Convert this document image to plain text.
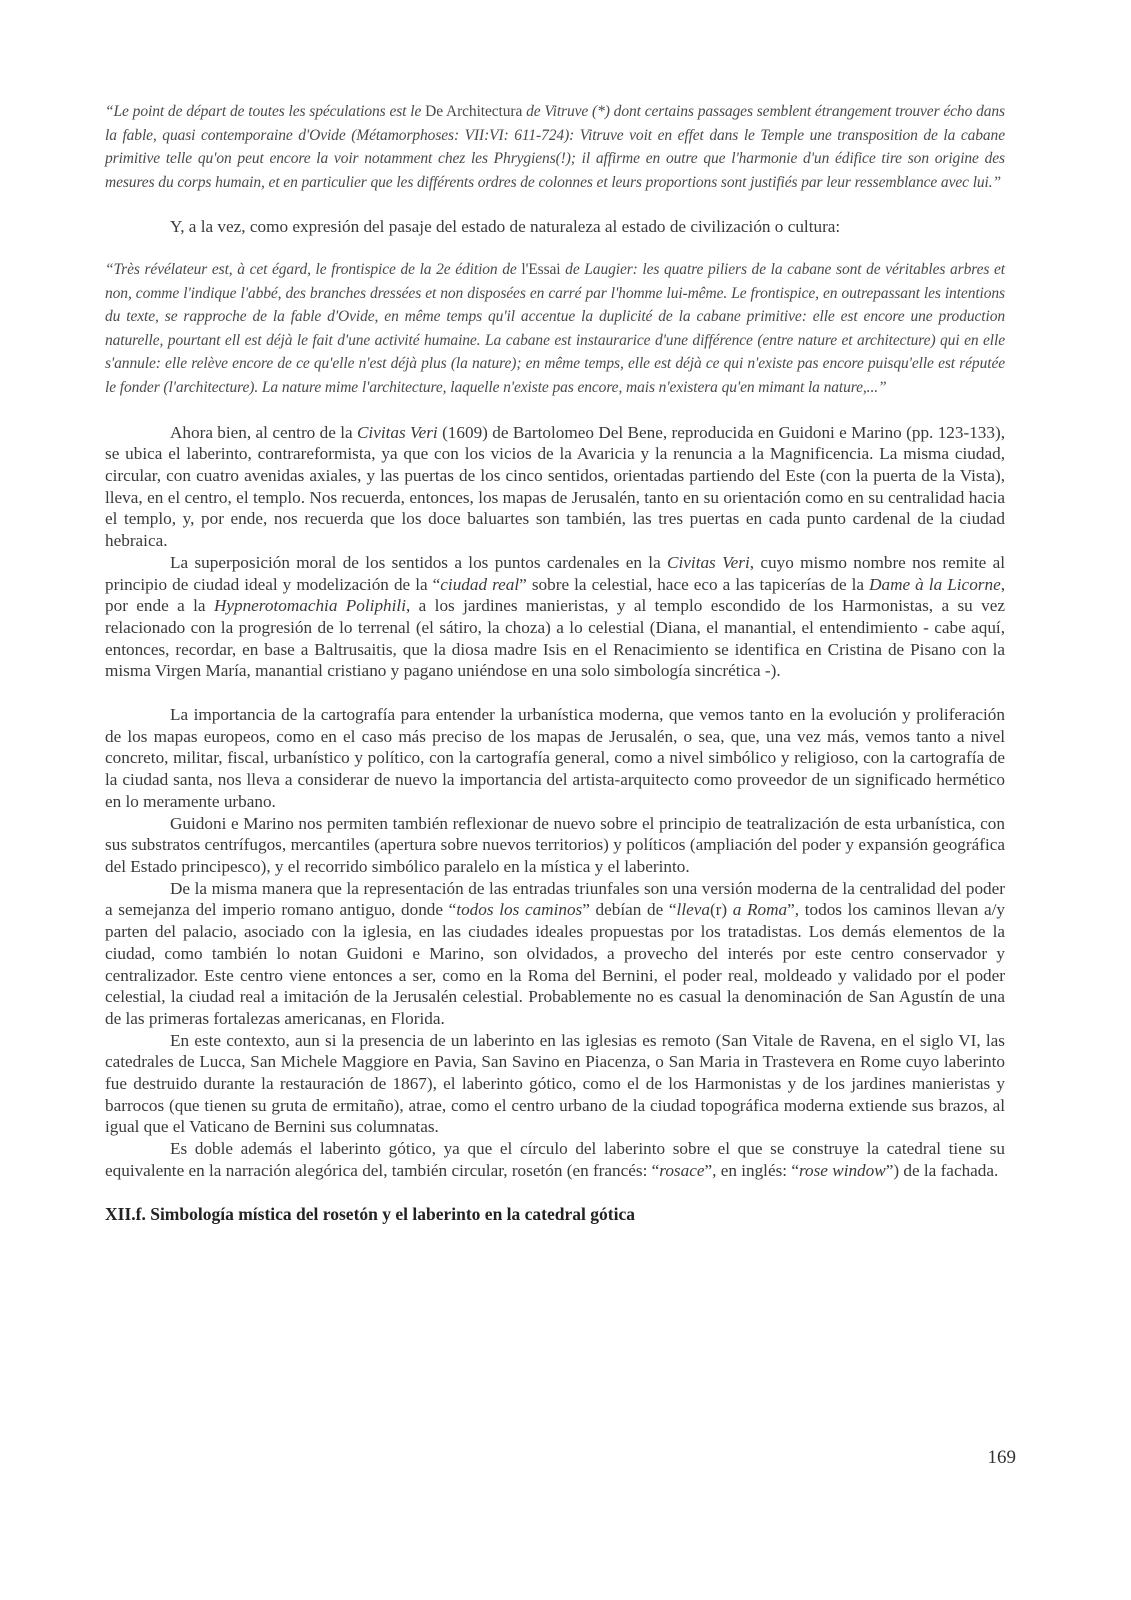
“Le point de départ de toutes les spéculations est le De Architectura de Vitruve (*) dont certains passages semblent étrangement trouver écho dans la fable, quasi contemporaine d'Ovide (Métamorphoses: VII:VI: 611-724): Vitruve voit en effet dans le Temple une transposition de la cabane primitive telle qu'on peut encore la voir notamment chez les Phrygiens(!); il affirme en outre que l'harmonie d'un édifice tire son origine des mesures du corps humain, et en particulier que les différents ordres de colonnes et leurs proportions sont justifiés par leur ressemblance avec lui.”

Y, a la vez, como expresión del pasaje del estado de naturaleza al estado de civilización o cultura:

“Très révélateur est, à cet égard, le frontispice de la 2e édition de l'Essai de Laugier: les quatre piliers de la cabane sont de véritables arbres et non, comme l'indique l'abbé, des branches dressées et non disposées en carré par l'homme lui-même. Le frontispice, en outrepassant les intentions du texte, se rapproche de la fable d'Ovide, en même temps qu'il accentue la duplicité de la cabane primitive: elle est encore une production naturelle, pourtant ell est déjà le fait d'une activité humaine. La cabane est instaurarice d'une différence (entre nature et architecture) qui en elle s'annule: elle relève encore de ce qu'elle n'est déjà plus (la nature); en même temps, elle est déjà ce qui n'existe pas encore puisqu'elle est réputée le fonder (l'architecture). La nature mime l'architecture, laquelle n'existe pas encore, mais n'existera qu'en mimant la nature,...”

Ahora bien, al centro de la Civitas Veri (1609) de Bartolomeo Del Bene, reproducida en Guidoni e Marino (pp. 123-133), se ubica el laberinto, contrareformista, ya que con los vicios de la Avaricia y la renuncia a la Magnificencia. La misma ciudad, circular, con cuatro avenidas axiales, y las puertas de los cinco sentidos, orientadas partiendo del Este (con la puerta de la Vista), lleva, en el centro, el templo. Nos recuerda, entonces, los mapas de Jerusalén, tanto en su orientación como en su centralidad hacia el templo, y, por ende, nos recuerda que los doce baluartes son también, las tres puertas en cada punto cardenal de la ciudad hebraica.

La superposición moral de los sentidos a los puntos cardenales en la Civitas Veri, cuyo mismo nombre nos remite al principio de ciudad ideal y modelización de la “ciudad real” sobre la celestial, hace eco a las tapicerías de la Dame à la Licorne, por ende a la Hypnerotomachia Poliphili, a los jardines manieristas, y al templo escondido de los Harmonistas, a su vez relacionado con la progresión de lo terrenal (el sátiro, la choza) a lo celestial (Diana, el manantial, el entendimiento - cabe aquí, entonces, recordar, en base a Baltrusaitis, que la diosa madre Isis en el Renacimiento se identifica en Cristina de Pisano con la misma Virgen María, manantial cristiano y pagano uniéndose en una solo simbología sincrética -).

La importancia de la cartografía para entender la urbanística moderna, que vemos tanto en la evolución y proliferación de los mapas europeos, como en el caso más preciso de los mapas de Jerusalén, o sea, que, una vez más, vemos tanto a nivel concreto, militar, fiscal, urbanístico y político, con la cartografía general, como a nivel simbólico y religioso, con la cartografía de la ciudad santa, nos lleva a considerar de nuevo la importancia del artista-arquitecto como proveedor de un significado hermético en lo meramente urbano.

Guidoni e Marino nos permiten también reflexionar de nuevo sobre el principio de teatralización de esta urbanística, con sus substratos centrífugos, mercantiles (apertura sobre nuevos territorios) y políticos (ampliación del poder y expansión geográfica del Estado principesco), y el recorrido simbólico paralelo en la mística y el laberinto.

De la misma manera que la representación de las entradas triunfales son una versión moderna de la centralidad del poder a semejanza del imperio romano antiguo, donde “todos los caminos” debían de “lleva(r) a Roma”, todos los caminos llevan a/y parten del palacio, asociado con la iglesia, en las ciudades ideales propuestas por los tratadistas. Los demás elementos de la ciudad, como también lo notan Guidoni e Marino, son olvidados, a provecho del interés por este centro conservador y centralizador. Este centro viene entonces a ser, como en la Roma del Bernini, el poder real, moldeado y validado por el poder celestial, la ciudad real a imitación de la Jerusalén celestial. Probablemente no es casual la denominación de San Agustín de una de las primeras fortalezas americanas, en Florida.

En este contexto, aun si la presencia de un laberinto en las iglesias es remoto (San Vitale de Ravena, en el siglo VI, las catedrales de Lucca, San Michele Maggiore en Pavia, San Savino en Piacenza, o San Maria in Trastevera en Rome cuyo laberinto fue destruido durante la restauración de 1867), el laberinto gótico, como el de los Harmonistas y de los jardines manieristas y barrocos (que tienen su gruta de ermitaño), atrae, como el centro urbano de la ciudad topográfica moderna extiende sus brazos, al igual que el Vaticano de Bernini sus columnatas.

Es doble además el laberinto gótico, ya que el círculo del laberinto sobre el que se construye la catedral tiene su equivalente en la narración alegórica del, también circular, rosetón (en francés: “rosace”, en inglés: “rose window”) de la fachada.

XII.f. Simbología mística del rosetón y el laberinto en la catedral gótica
169
